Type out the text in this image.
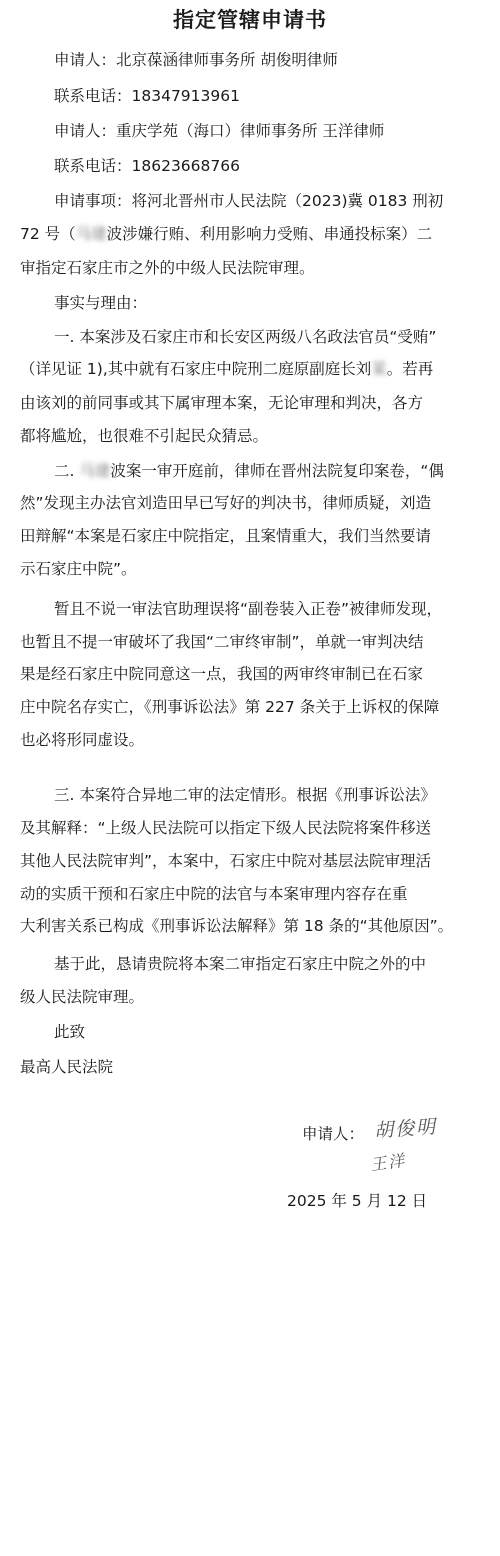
指定管辖申请书
申请人：北京葆涵律师事务所 胡俊明律师
联系电话：18347913961
申请人：重庆学苑（海口）律师事务所 王洋律师
联系电话：18623668766
申请事项：将河北晋州市人民法院（2023)冀 0183 刑初
72 号（马建波涉嫌行贿、利用影响力受贿、串通投标案）二
审指定石家庄市之外的中级人民法院审理。
事实与理由：
一. 本案涉及石家庄市和长安区两级八名政法官员“受贿”
（详见证 1),其中就有石家庄中院刑二庭原副庭长刘某。若再
由该刘的前同事或其下属审理本案，无论审理和判决，各方
都将尴尬，也很难不引起民众猜忌。
二. 马建波案一审开庭前，律师在晋州法院复印案卷，“偶
然”发现主办法官刘造田早已写好的判决书，律师质疑，刘造
田辩解“本案是石家庄中院指定，且案情重大，我们当然要请
示石家庄中院”。
暂且不说一审法官助理误将“副卷装入正卷”被律师发现，
也暂且不提一审破坏了我国“二审终审制”，单就一审判决结
果是经石家庄中院同意这一点，我国的两审终审制已在石家
庄中院名存实亡，《刑事诉讼法》第 227 条关于上诉权的保障
也必将形同虚设。
三. 本案符合异地二审的法定情形。根据《刑事诉讼法》
及其解释：“上级人民法院可以指定下级人民法院将案件移送
其他人民法院审判”，本案中，石家庄中院对基层法院审理活
动的实质干预和石家庄中院的法官与本案审理内容存在重
大利害关系已构成《刑事诉讼法解释》第 18 条的“其他原因”。
基于此，恳请贵院将本案二审指定石家庄中院之外的中
级人民法院审理。
此致
最高人民法院
申请人： 胡俊明
王洋
2025 年 5 月 12 日
